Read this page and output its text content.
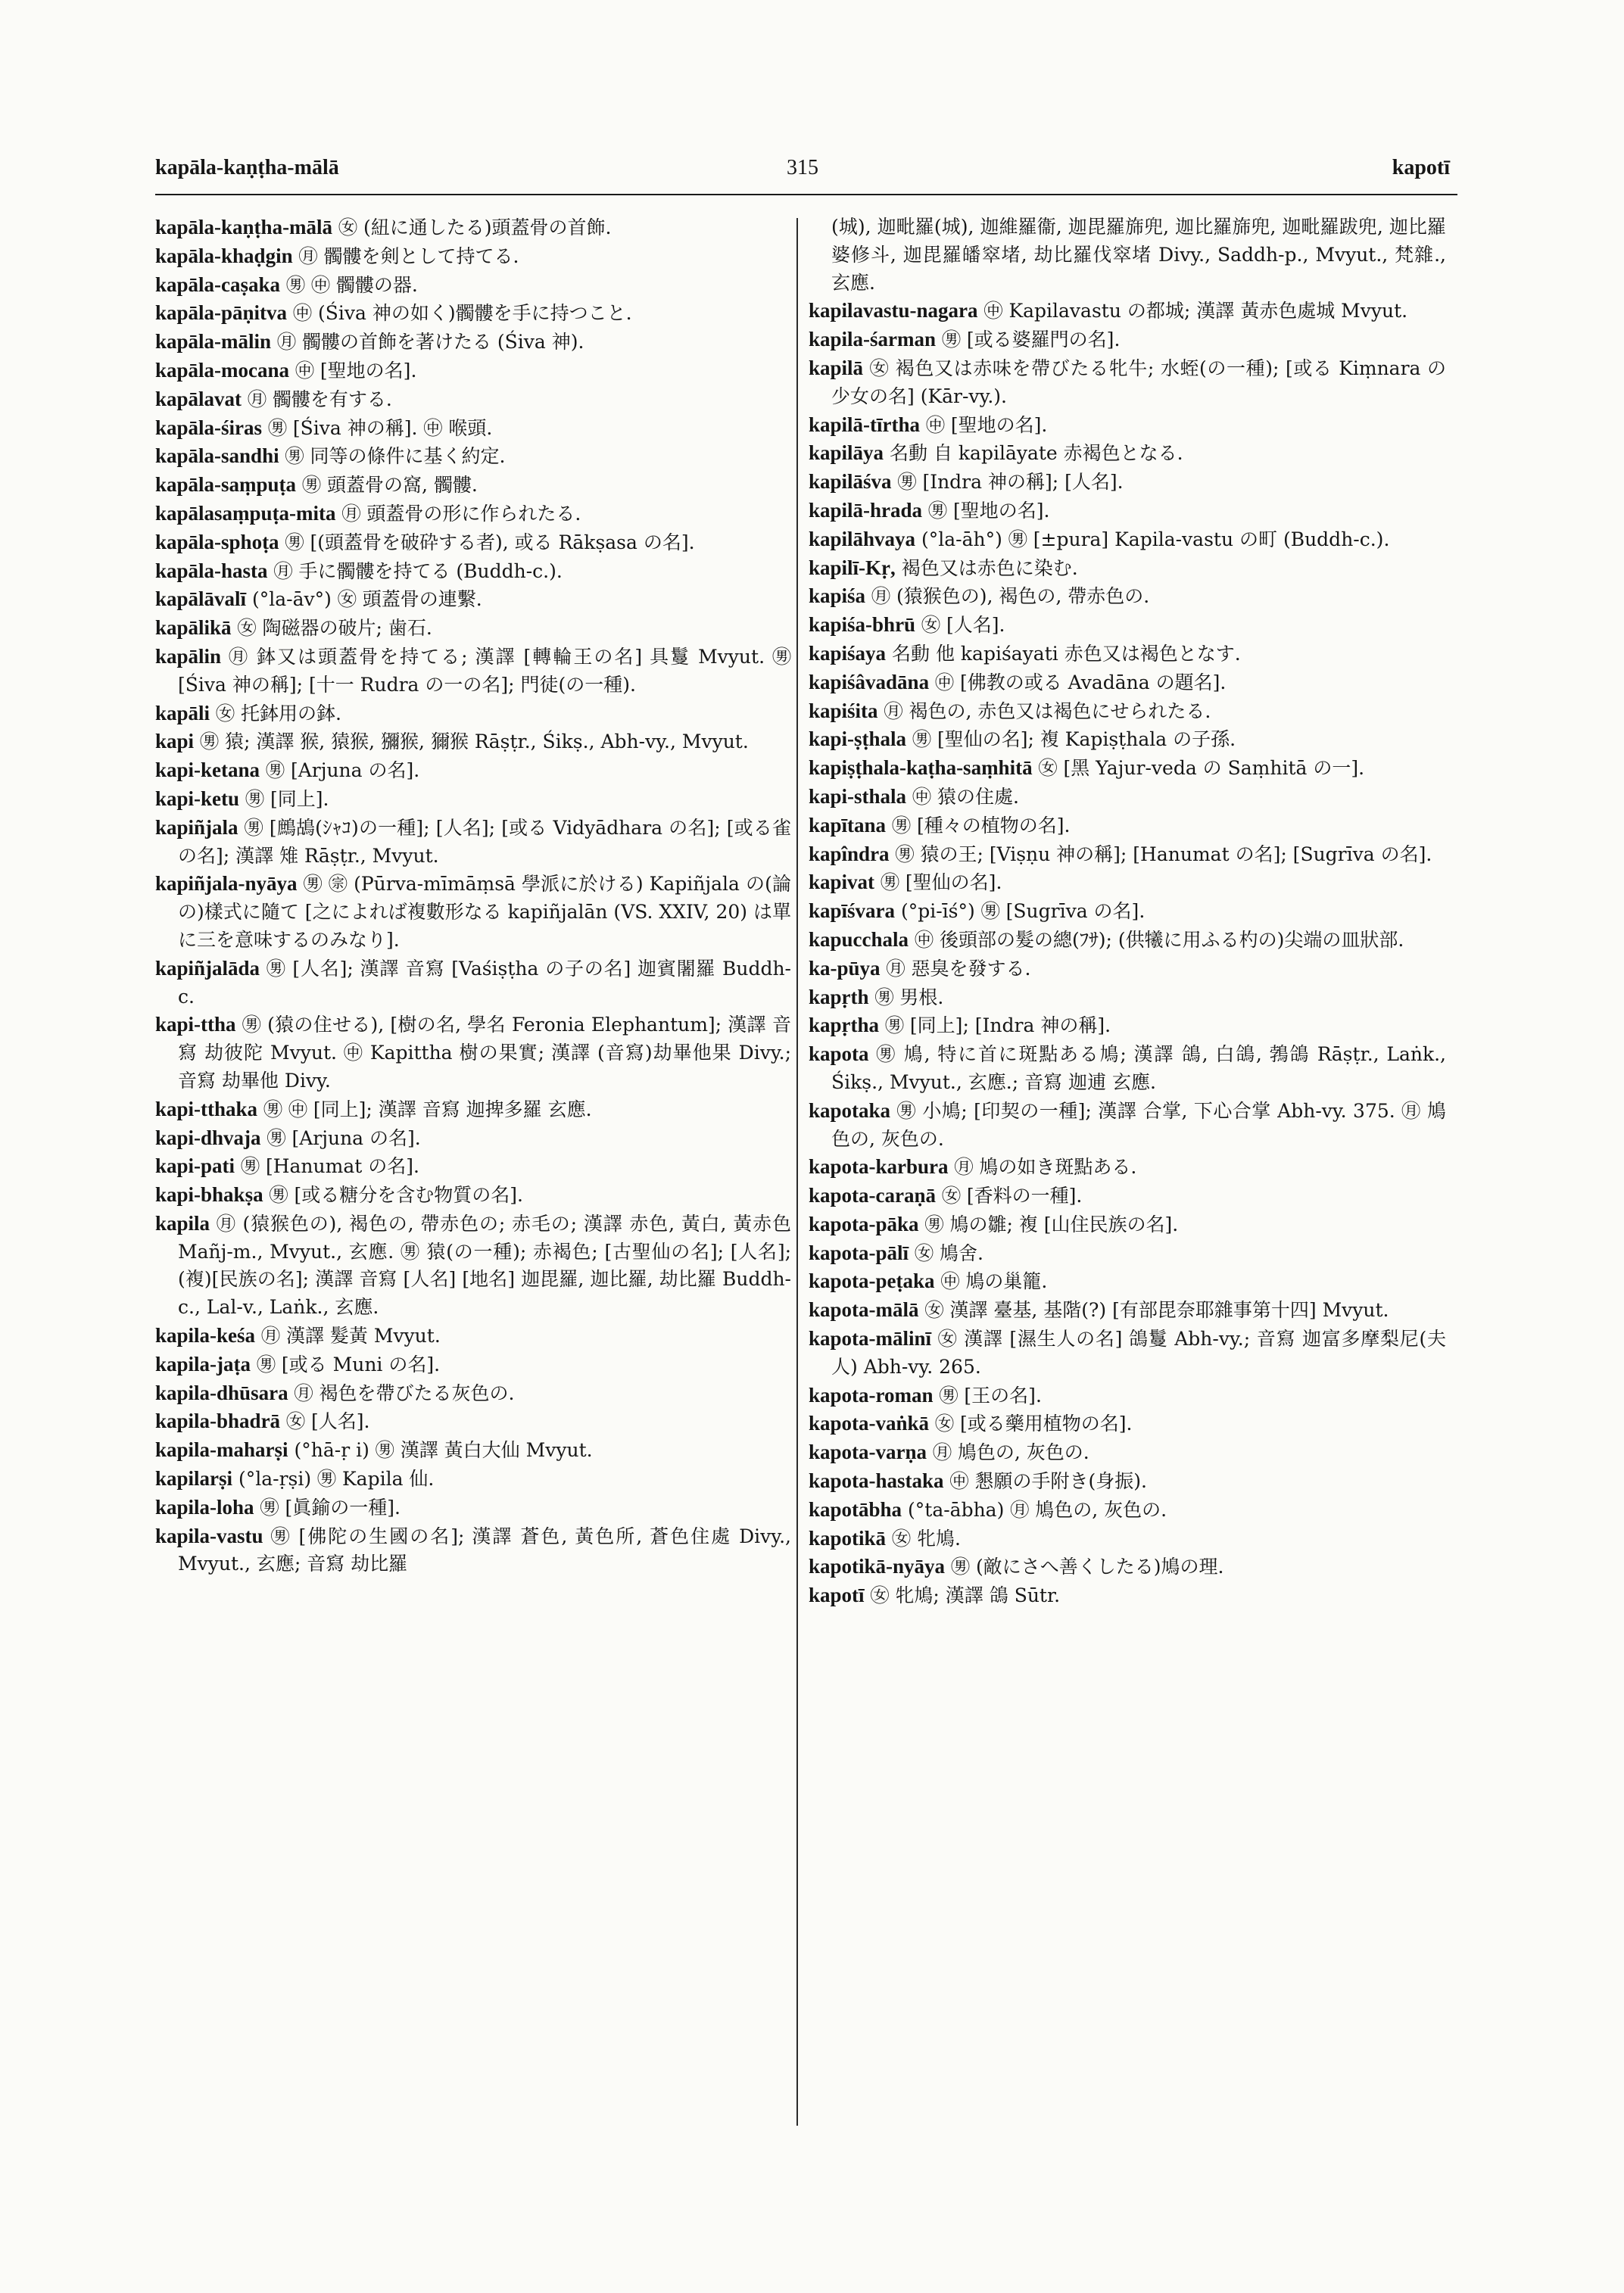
kapāla-kaṇṭha-mālā	315	kapotī

kapāla-kaṇṭha-mālā ㊛ (紐に通したる)頭蓋骨の首飾.

kapāla-khaḍgin ㊊ 髑髏を剣として持てる.

kapāla-caṣaka ㊚ ㊥ 髑髏の器.

kapāla-pāṇitva ㊥ (Śiva 神の如く)髑髏を手に持つこと.

kapāla-mālin ㊊ 髑髏の首飾を著けたる (Śiva 神).

kapāla-mocana ㊥ [聖地の名].

kapālavat ㊊ 髑髏を有する.

kapāla-śiras ㊚ [Śiva 神の稱]. ㊥ 喉頭.

kapāla-sandhi ㊚ 同等の條件に基く約定.

kapāla-saṃpuṭa ㊚ 頭蓋骨の窩, 髑髏.

kapālasaṃpuṭa-mita ㊊ 頭蓋骨の形に作られたる.

kapāla-sphoṭa ㊚ [(頭蓋骨を破砕する者), 或る Rākṣasa の名].

kapāla-hasta ㊊ 手に髑髏を持てる (Buddh-c.).

kapālāvalī (°la-āv°) ㊛ 頭蓋骨の連繫.

kapālikā ㊛ 陶磁器の破片; 歯石.

kapālin ㊊ 鉢又は頭蓋骨を持てる; 漢譯 [轉輪王の名] 具鬘 Mvyut. ㊚ [Śiva 神の稱]; [十一 Rudra の一の名]; 門徒(の一種).

kapāli ㊛ 托鉢用の鉢.

kapi ㊚ 猿; 漢譯 猴, 猿猴, 獼猴, 獮猴 Rāṣṭr., Śikṣ., Abh-vy., Mvyut.

kapi-ketana ㊚ [Arjuna の名].

kapi-ketu ㊚ [同上].

kapiñjala ㊚ [鷓鴣(ｼｬｺ)の一種]; [人名]; [或る Vidyādhara の名]; [或る雀の名]; 漢譯 雉 Rāṣṭr., Mvyut.

kapiñjala-nyāya ㊚ ㊪ (Pūrva-mīmāṃsā 學派に於ける) Kapiñjala の(論の)樣式に隨て [之によれば複數形なる kapiñjalān (VS. XXIV, 20) は單に三を意味するのみなり].

kapiñjalāda ㊚ [人名]; 漢譯 音寫 [Vaśiṣṭha の子の名] 迦賓闍羅 Buddh-c.

kapi-ttha ㊚ (猿の住せる), [樹の名, 學名 Feronia Elephantum]; 漢譯 音寫 劫彼陀 Mvyut. ㊥ Kapittha 樹の果實; 漢譯 (音寫)劫畢他果 Divy.; 音寫 劫畢他 Divy.

kapi-tthaka ㊚ ㊥ [同上]; 漢譯 音寫 迦捭多羅 玄應.

kapi-dhvaja ㊚ [Arjuna の名].

kapi-pati ㊚ [Hanumat の名].

kapi-bhakṣa ㊚ [或る糖分を含む物質の名].

kapila ㊊ (猿猴色の), 褐色の, 帶赤色の; 赤毛の; 漢譯 赤色, 黃白, 黃赤色 Mañj-m., Mvyut., 玄應. ㊚ 猿(の一種); 赤褐色; [古聖仙の名]; [人名]; (複)[民族の名]; 漢譯 音寫 [人名] [地名] 迦毘羅, 迦比羅, 劫比羅 Buddh-c., Lal-v., Laṅk., 玄應.

kapila-keśa ㊊ 漢譯 髮黃 Mvyut.

kapila-jaṭa ㊚ [或る Muni の名].

kapila-dhūsara ㊊ 褐色を帶びたる灰色の.

kapila-bhadrā ㊛ [人名].

kapila-maharṣi (°hā-ṛ i) ㊚ 漢譯 黃白大仙 Mvyut.

kapilarṣi (°la-ṛṣi) ㊚ Kapila 仙.

kapila-loha ㊚ [眞鍮の一種].

kapila-vastu ㊚ [佛陀の生國の名]; 漢譯 蒼色, 黃色所, 蒼色住處 Divy., Mvyut., 玄應; 音寫 劫比羅

(城), 迦毗羅(城), 迦維羅衞, 迦毘羅旆兜, 迦比羅旆兜, 迦毗羅跋兜, 迦比羅婆修斗, 迦毘羅皤窣堵, 劫比羅伐窣堵 Divy., Saddh-p., Mvyut., 梵雜., 玄應.

kapilavastu-nagara ㊥ Kapilavastu の都城; 漢譯 黃赤色處城 Mvyut.

kapila-śarman ㊚ [或る婆羅門の名].

kapilā ㊛ 褐色又は赤味を帶びたる牝牛; 水蛭(の一種); [或る Kiṃnara の少女の名] (Kār-vy.).

kapilā-tīrtha ㊥ [聖地の名].

kapilāya 名動 自 kapilāyate 赤褐色となる.

kapilāśva ㊚ [Indra 神の稱]; [人名].

kapilā-hrada ㊚ [聖地の名].

kapilāhvaya (°la-āh°) ㊚ [±pura] Kapila-vastu の町 (Buddh-c.).

kapilī-Kṛ, 褐色又は赤色に染む.

kapiśa ㊊ (猿猴色の), 褐色の, 帶赤色の.

kapiśa-bhrū ㊛ [人名].

kapiśaya 名動 他 kapiśayati 赤色又は褐色となす.

kapiśâvadāna ㊥ [佛教の或る Avadāna の題名].

kapiśita ㊊ 褐色の, 赤色又は褐色にせられたる.

kapi-ṣṭhala ㊚ [聖仙の名]; 複 Kapiṣṭhala の子孫.

kapiṣṭhala-kaṭha-saṃhitā ㊛ [黑 Yajur-veda の Saṃhitā の一].

kapi-sthala ㊥ 猿の住處.

kapītana ㊚ [種々の植物の名].

kapîndra ㊚ 猿の王; [Viṣṇu 神の稱]; [Hanumat の名]; [Sugrīva の名].

kapivat ㊚ [聖仙の名].

kapīśvara (°pi-īś°) ㊚ [Sugrīva の名].

kapucchala ㊥ 後頭部の髮の總(ﾌｻ); (供犧に用ふる杓の)尖端の皿狀部.

ka-pūya ㊊ 惡臭を發する.

kapṛth ㊚ 男根.

kapṛtha ㊚ [同上]; [Indra 神の稱].

kapota ㊚ 鳩, 特に首に斑點ある鳩; 漢譯 鴿, 白鴿, 鵓鴿 Rāṣṭr., Laṅk., Śikṣ., Mvyut., 玄應.; 音寫 迦逋 玄應.

kapotaka ㊚ 小鳩; [印契の一種]; 漢譯 合掌, 下心合掌 Abh-vy. 375. ㊊ 鳩色の, 灰色の.

kapota-karbura ㊊ 鳩の如き斑點ある.

kapota-caraṇā ㊛ [香料の一種].

kapota-pāka ㊚ 鳩の雛; 複 [山住民族の名].

kapota-pālī ㊛ 鳩舍.

kapota-peṭaka ㊥ 鳩の巢籠.

kapota-mālā ㊛ 漢譯 臺基, 基階(?) [有部毘奈耶雜事第十四] Mvyut.

kapota-mālinī ㊛ 漢譯 [濕生人の名] 鴿鬘 Abh-vy.; 音寫 迦富多摩梨尼(夫人) Abh-vy. 265.

kapota-roman ㊚ [王の名].

kapota-vaṅkā ㊛ [或る藥用植物の名].

kapota-varṇa ㊊ 鳩色の, 灰色の.

kapota-hastaka ㊥ 懇願の手附き(身振).

kapotābha (°ta-ābha) ㊊ 鳩色の, 灰色の.

kapotikā ㊛ 牝鳩.

kapotikā-nyāya ㊚ (敵にさへ善くしたる)鳩の理.

kapotī ㊛ 牝鳩; 漢譯 鴿 Sūtr.
